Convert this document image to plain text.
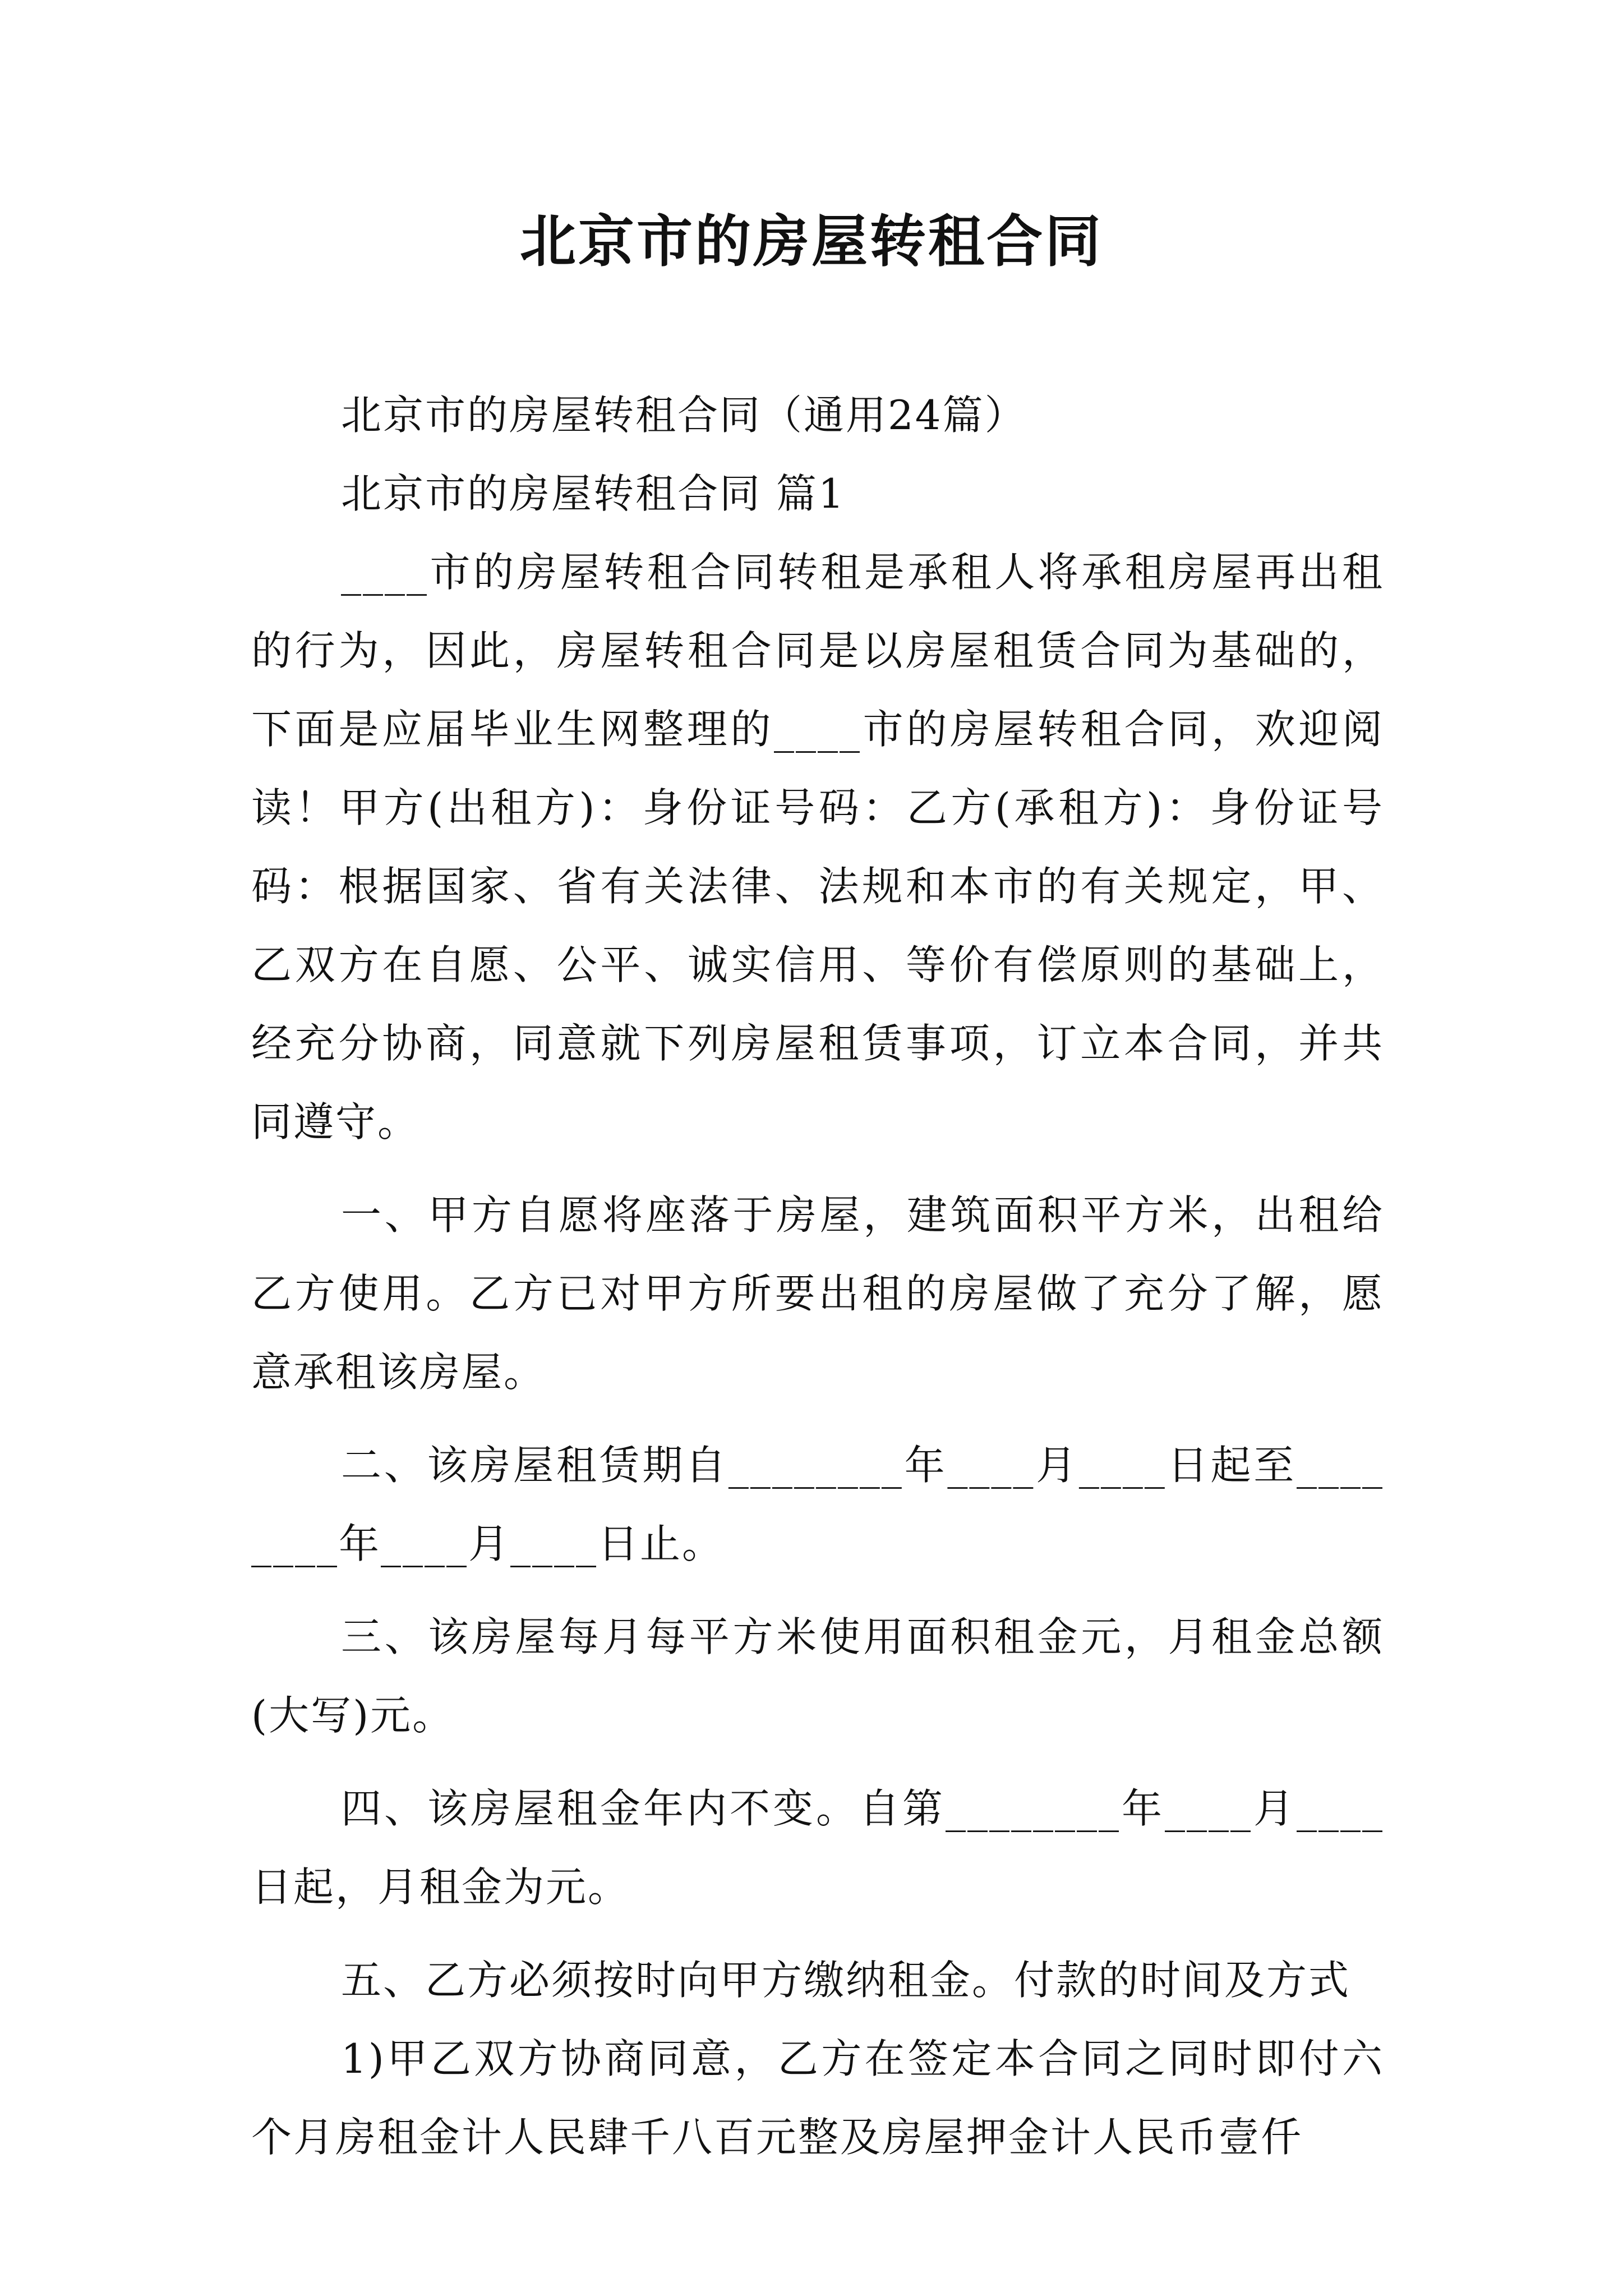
北京市的房屋转租合同

北京市的房屋转租合同（通用24篇）

北京市的房屋转租合同 篇1

____市的房屋转租合同转租是承租人将承租房屋再出租的行为，因此，房屋转租合同是以房屋租赁合同为基础的，下面是应届毕业生网整理的____市的房屋转租合同，欢迎阅读！甲方(出租方)：身份证号码：乙方(承租方)：身份证号码：根据国家、省有关法律、法规和本市的有关规定，甲、乙双方在自愿、公平、诚实信用、等价有偿原则的基础上，经充分协商，同意就下列房屋租赁事项，订立本合同，并共同遵守。

一、甲方自愿将座落于房屋，建筑面积平方米，出租给乙方使用。乙方已对甲方所要出租的房屋做了充分了解，愿意承租该房屋。

二、该房屋租赁期自________年____月____日起至________年____月____日止。

三、该房屋每月每平方米使用面积租金元，月租金总额(大写)元。

四、该房屋租金年内不变。自第________年____月____日起，月租金为元。

五、乙方必须按时向甲方缴纳租金。付款的时间及方式

1)甲乙双方协商同意，乙方在签定本合同之同时即付六个月房租金计人民肆千八百元整及房屋押金计人民币壹仟
